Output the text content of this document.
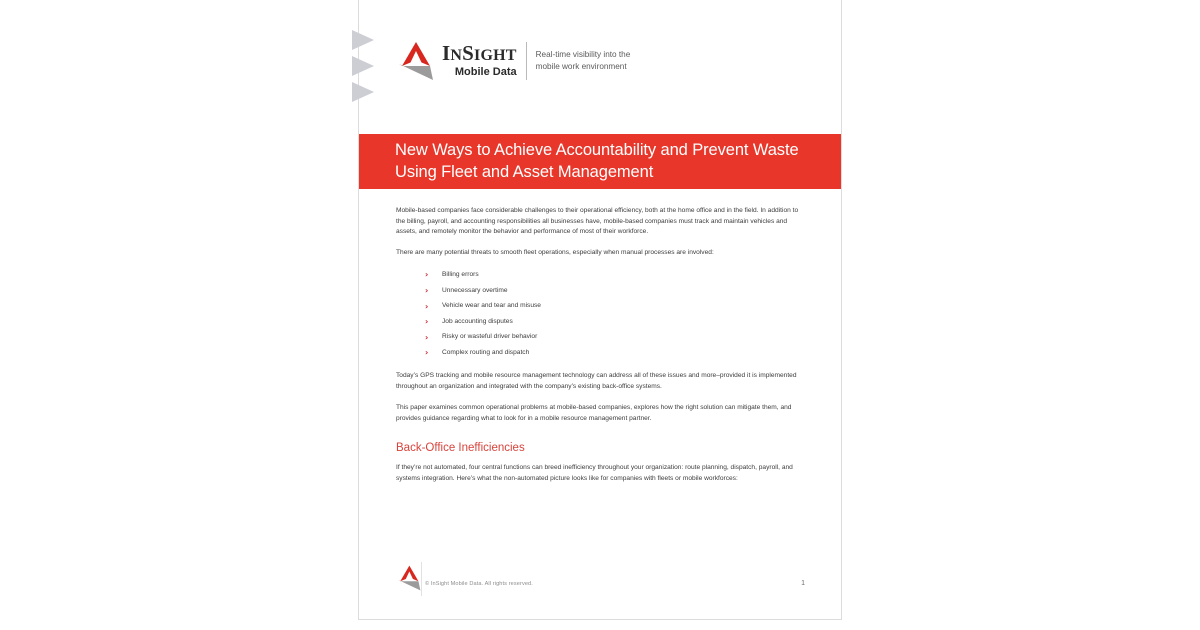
INSIGHT
Mobile Data
Real-time visibility into the mobile work environment
New Ways to Achieve Accountability and Prevent Waste Using Fleet and Asset Management

Mobile-based companies face considerable challenges to their operational efficiency, both at the home office and in the field. In addition to the billing, payroll, and accounting responsibilities all businesses have, mobile-based companies must track and maintain vehicles and assets, and remotely monitor the behavior and performance of most of their workforce.

There are many potential threats to smooth fleet operations, especially when manual processes are involved:

› Billing errors
› Unnecessary overtime
› Vehicle wear and tear and misuse
› Job accounting disputes
› Risky or wasteful driver behavior
› Complex routing and dispatch

Today’s GPS tracking and mobile resource management technology can address all of these issues and more–provided it is implemented throughout an organization and integrated with the company’s existing back-office systems.

This paper examines common operational problems at mobile-based companies, explores how the right solution can mitigate them, and provides guidance regarding what to look for in a mobile resource management partner.

Back-Office Inefficiencies

If they’re not automated, four central functions can breed inefficiency throughout your organization: route planning, dispatch, payroll, and systems integration. Here’s what the non-automated picture looks like for companies with fleets or mobile workforces:

© InSight Mobile Data. All rights reserved.	1
